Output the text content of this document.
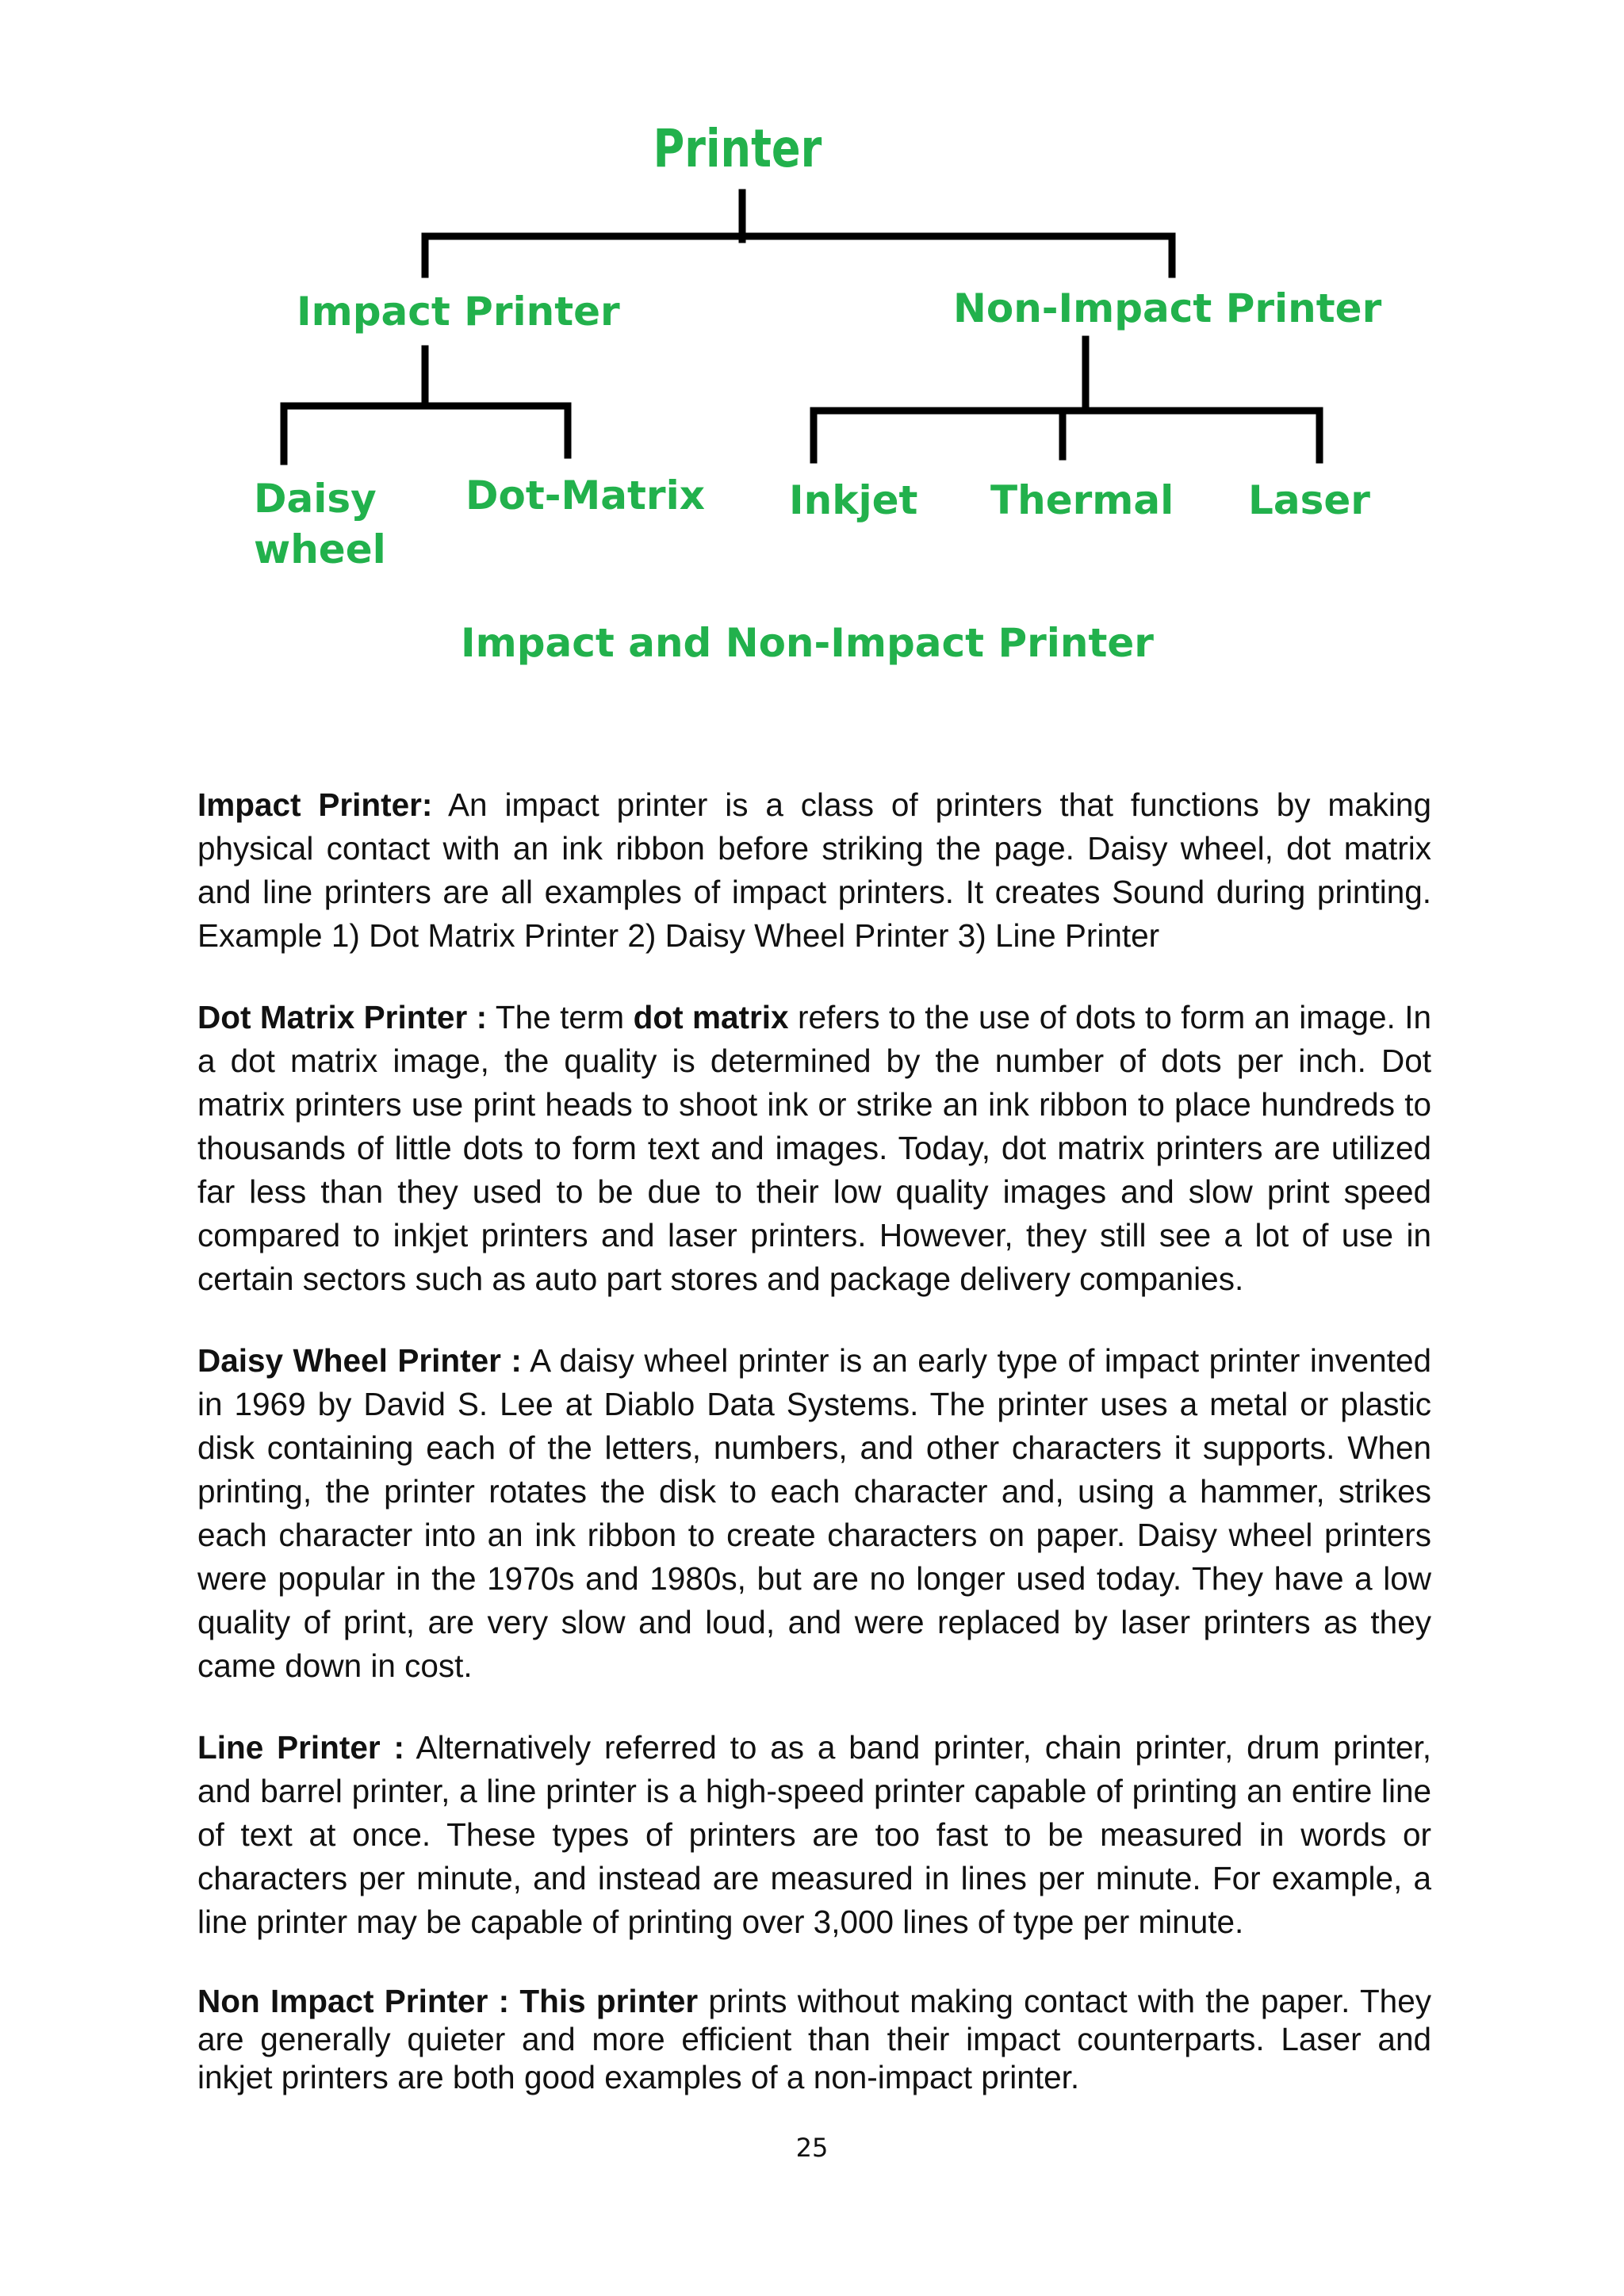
Printer
Impact Printer	Non-Impact Printer
Daisy
wheel
Dot-Matrix Inkjet Thermal Laser
Impact and Non-Impact Printer

Impact Printer: An impact printer is a class of printers that functions by making physical contact with an ink ribbon before striking the page. Daisy wheel, dot matrix and line printers are all examples of impact printers. It creates Sound during printing. Example 1) Dot Matrix Printer 2) Daisy Wheel Printer 3) Line Printer

Dot Matrix Printer : The term dot matrix refers to the use of dots to form an image. In a dot matrix image, the quality is determined by the number of dots per inch. Dot matrix printers use print heads to shoot ink or strike an ink ribbon to place hundreds to thousands of little dots to form text and images. Today, dot matrix printers are utilized far less than they used to be due to their low quality images and slow print speed compared to inkjet printers and laser printers. However, they still see a lot of use in certain sectors such as auto part stores and package delivery companies.

Daisy Wheel Printer : A daisy wheel printer is an early type of impact printer invented in 1969 by David S. Lee at Diablo Data Systems. The printer uses a metal or plastic disk containing each of the letters, numbers, and other characters it supports. When printing, the printer rotates the disk to each character and, using a hammer, strikes each character into an ink ribbon to create characters on paper. Daisy wheel printers were popular in the 1970s and 1980s, but are no longer used today. They have a low quality of print, are very slow and loud, and were replaced by laser printers as they came down in cost.

Line Printer : Alternatively referred to as a band printer, chain printer, drum printer, and barrel printer, a line printer is a high-speed printer capable of printing an entire line of text at once. These types of printers are too fast to be measured in words or characters per minute, and instead are measured in lines per minute. For example, a line printer may be capable of printing over 3,000 lines of type per minute.

Non Impact Printer : This printer prints without making contact with the paper. They are generally quieter and more efficient than their impact counterparts. Laser and inkjet printers are both good examples of a non-impact printer.

25
